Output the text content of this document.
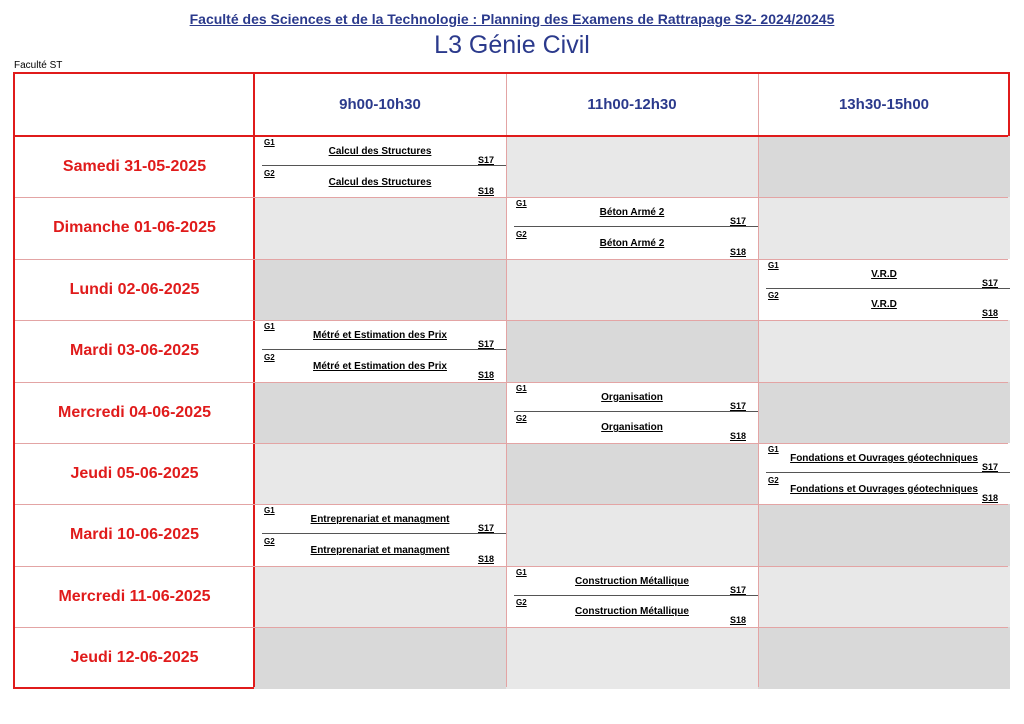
Faculté des Sciences et de la Technologie : Planning des Examens de Rattrapage S2- 2024/20245
L3 Génie Civil
Faculté ST
G1
Calcul des Structures
S17
G2
Calcul des Structures
S18
G1
Béton Armé 2
S17
G2
Béton Armé 2
S18
G1
V.R.D
S17
G2
V.R.D
S18
G1
Métré et Estimation des Prix
S17
G2
Métré et Estimation des Prix
S18
G1
Organisation
S17
G2
Organisation
S18
G1
Fondations et Ouvrages géotechniques
S17
G2
Fondations et Ouvrages géotechniques
S18
G1
Entreprenariat et managment
S17
G2
Entreprenariat et managment
S18
G1
Construction Métallique
S17
G2
Construction Métallique
S18
9h00-10h30	11h00-12h30	13h30-15h00
Samedi 31-05-2025
Dimanche 01-06-2025
Lundi 02-06-2025
Mardi 03-06-2025
Mercredi 04-06-2025
Jeudi 05-06-2025
Mardi 10-06-2025
Mercredi 11-06-2025
Jeudi 12-06-2025
